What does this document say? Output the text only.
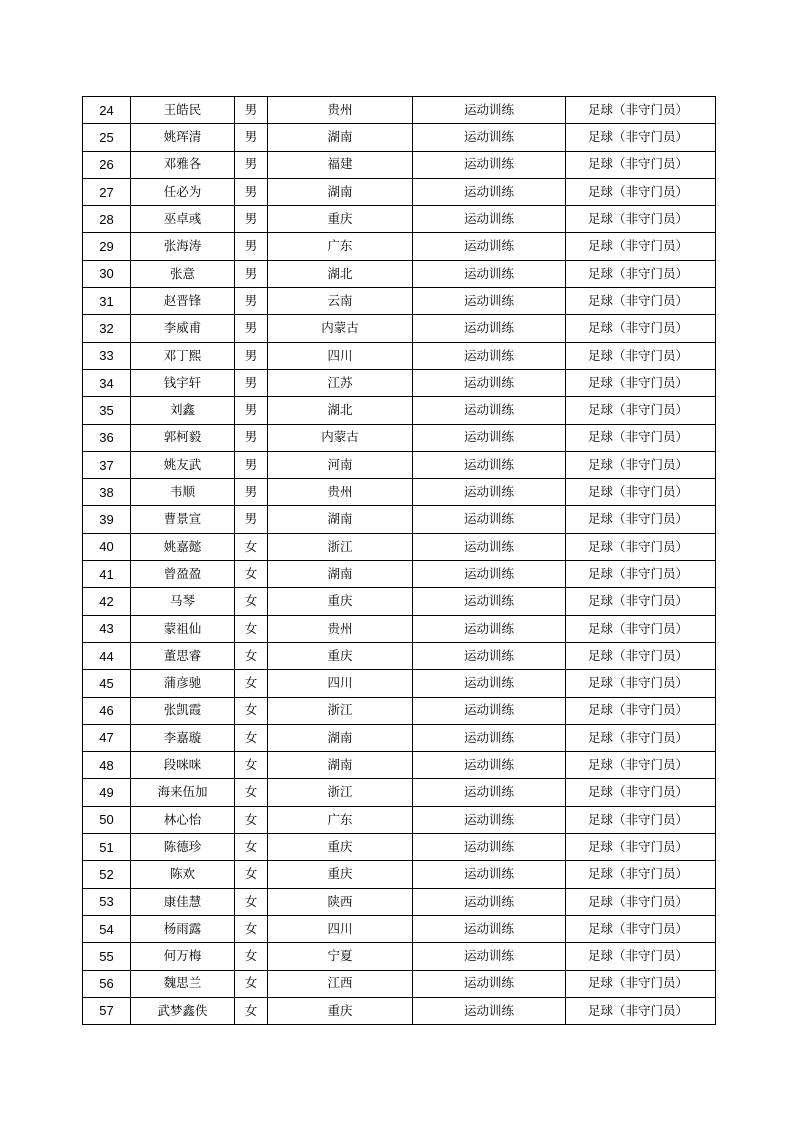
24	王皓民	男	贵州	运动训练	足球（非守门员）
25	姚珲清	男	湖南	运动训练	足球（非守门员）
26	邓雅各	男	福建	运动训练	足球（非守门员）
27	任必为	男	湖南	运动训练	足球（非守门员）
28	巫卓彧	男	重庆	运动训练	足球（非守门员）
29	张海涛	男	广东	运动训练	足球（非守门员）
30	张意	男	湖北	运动训练	足球（非守门员）
31	赵晋锋	男	云南	运动训练	足球（非守门员）
32	李威甫	男	内蒙古	运动训练	足球（非守门员）
33	邓丁熙	男	四川	运动训练	足球（非守门员）
34	钱宇轩	男	江苏	运动训练	足球（非守门员）
35	刘鑫	男	湖北	运动训练	足球（非守门员）
36	郭柯毅	男	内蒙古	运动训练	足球（非守门员）
37	姚友武	男	河南	运动训练	足球（非守门员）
38	韦顺	男	贵州	运动训练	足球（非守门员）
39	曹景宣	男	湖南	运动训练	足球（非守门员）
40	姚嘉懿	女	浙江	运动训练	足球（非守门员）
41	曾盈盈	女	湖南	运动训练	足球（非守门员）
42	马琴	女	重庆	运动训练	足球（非守门员）
43	蒙祖仙	女	贵州	运动训练	足球（非守门员）
44	董思睿	女	重庆	运动训练	足球（非守门员）
45	蒲彦驰	女	四川	运动训练	足球（非守门员）
46	张凯霞	女	浙江	运动训练	足球（非守门员）
47	李嘉璇	女	湖南	运动训练	足球（非守门员）
48	段咪咪	女	湖南	运动训练	足球（非守门员）
49	海来伍加	女	浙江	运动训练	足球（非守门员）
50	林心怡	女	广东	运动训练	足球（非守门员）
51	陈德珍	女	重庆	运动训练	足球（非守门员）
52	陈欢	女	重庆	运动训练	足球（非守门员）
53	康佳慧	女	陕西	运动训练	足球（非守门员）
54	杨雨露	女	四川	运动训练	足球（非守门员）
55	何万梅	女	宁夏	运动训练	足球（非守门员）
56	魏思兰	女	江西	运动训练	足球（非守门员）
57	武梦鑫佚	女	重庆	运动训练	足球（非守门员）
